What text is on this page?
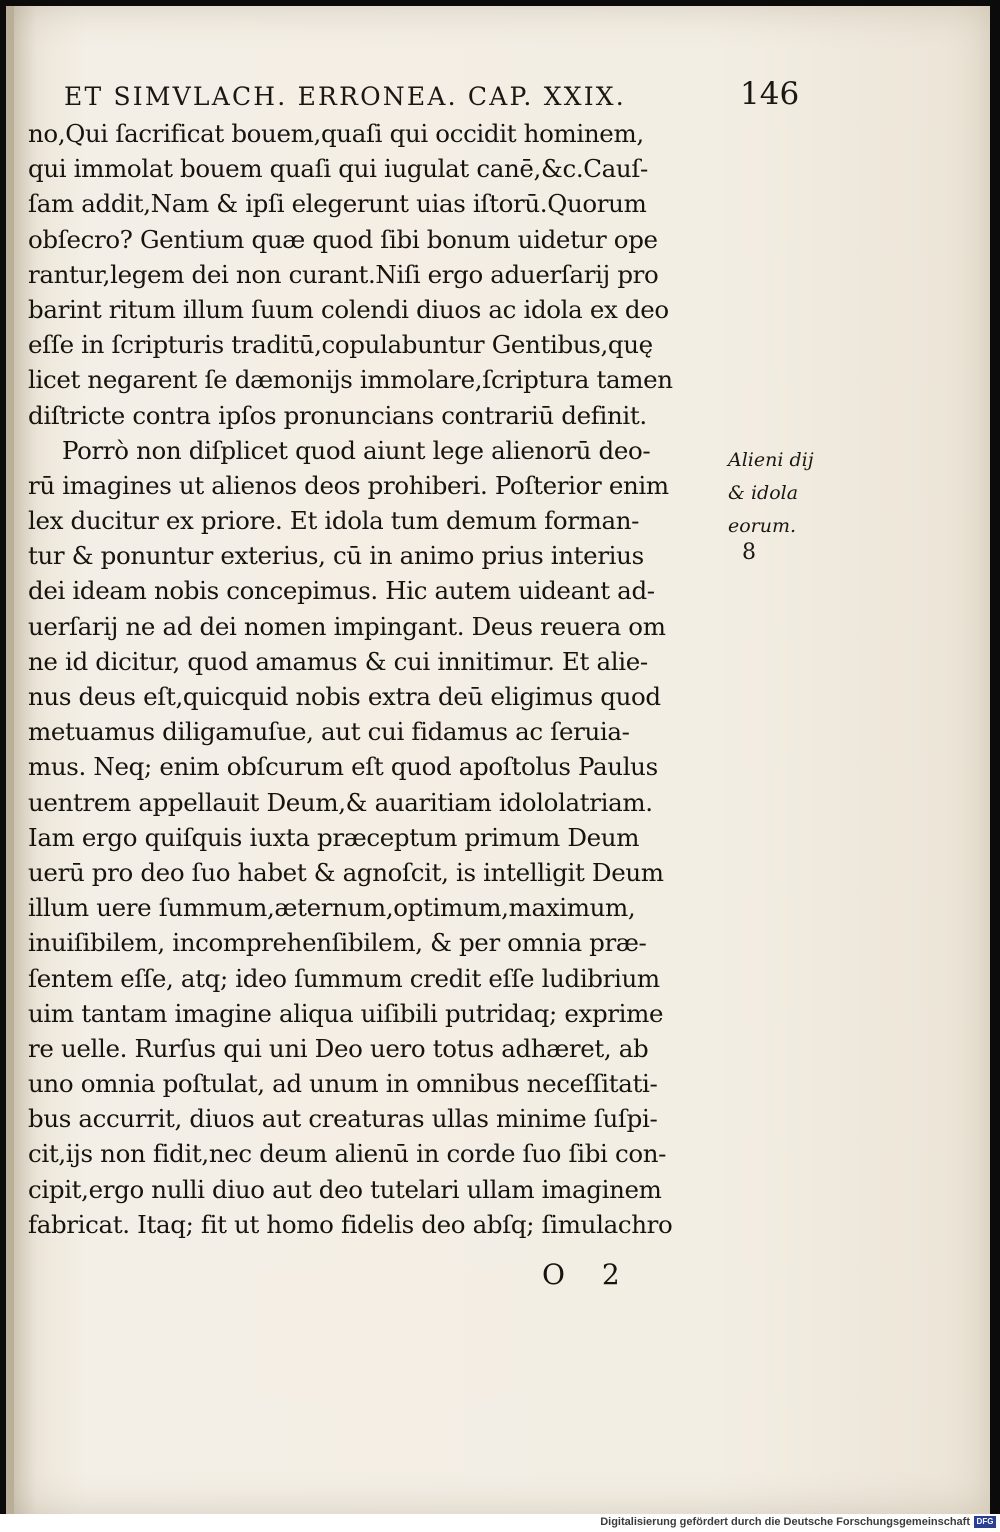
ET SIMVLACH. ERRONEA. CAP. XXIX.	146
no,Qui ſacrificat bouem,quaſi qui occidit hominem,
qui immolat bouem quaſi qui iugulat canē,&c.Cauſ-
ſam addit,Nam & ipſi elegerunt uias iſtorū.Quorum
obſecro? Gentium quæ quod ſibi bonum uidetur ope
rantur,legem dei non curant.Niſi ergo aduerſarij pro
barint ritum illum ſuum colendi diuos ac idola ex deo
eſſe in ſcripturis traditū,copulabuntur Gentibus,quę
licet negarent ſe dæmonijs immolare,ſcriptura tamen
diſtricte contra ipſos pronuncians contrariū definit.
Porrò non diſplicet quod aiunt lege alienorū deo-
rū imagines ut alienos deos prohiberi. Poſterior enim
lex ducitur ex priore. Et idola tum demum forman-
tur & ponuntur exterius, cū in animo prius interius
dei ideam nobis concepimus. Hic autem uideant ad-
uerſarij ne ad dei nomen impingant. Deus reuera om
ne id dicitur, quod amamus & cui innitimur. Et alie-
nus deus eſt,quicquid nobis extra deū eligimus quod
metuamus diligamuſue, aut cui fidamus ac ſeruia-
mus. Neq; enim obſcurum eſt quod apoſtolus Paulus
uentrem appellauit Deum,& auaritiam idololatriam.
Iam ergo quiſquis iuxta præceptum primum Deum
uerū pro deo ſuo habet & agnoſcit, is intelligit Deum
illum uere ſummum,æternum,optimum,maximum,
inuiſibilem, incomprehenſibilem, & per omnia præ-
ſentem eſſe, atq; ideo ſummum credit eſſe ludibrium
uim tantam imagine aliqua uiſibili putridaq; exprime
re uelle. Rurſus qui uni Deo uero totus adhæret, ab
uno omnia poſtulat, ad unum in omnibus neceſſitati-
bus accurrit, diuos aut creaturas ullas minime ſuſpi-
cit,ijs non fidit,nec deum alienū in corde ſuo ſibi con-
cipit,ergo nulli diuo aut deo tutelari ullam imaginem
fabricat. Itaq; fit ut homo fidelis deo abſq; ſimulachro
Alieni dij
& idola
eorum.
8
O 2
Digitalisierung gefördert durch die Deutsche Forschungsgemeinschaft DFG
